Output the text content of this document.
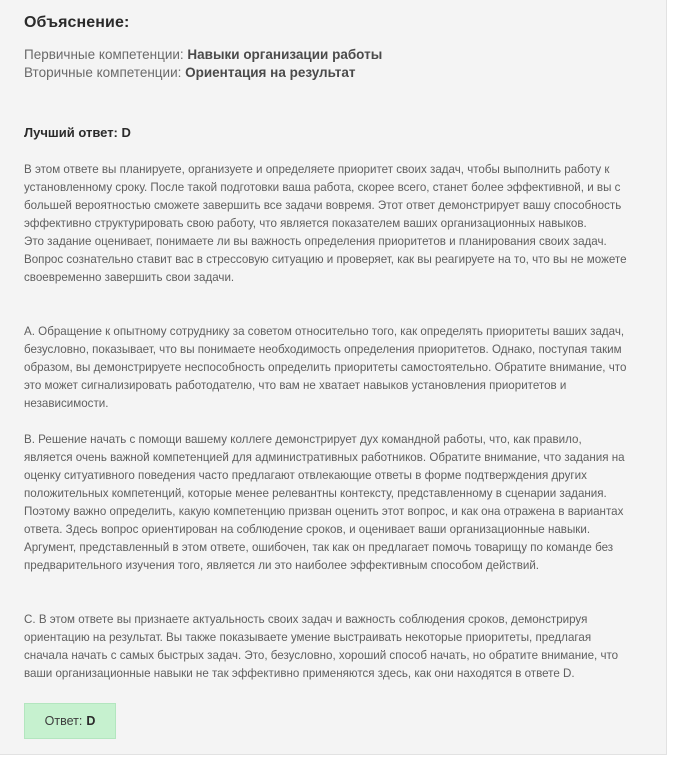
Объяснение:
Первичные компетенции: Навыки организации работы
Вторичные компетенции: Ориентация на результат
Лучший ответ: D

В этом ответе вы планируете, организуете и определяете приоритет своих задач, чтобы выполнить работу к установленному сроку. После такой подготовки ваша работа, скорее всего, станет более эффективной, и вы с большей вероятностью сможете завершить все задачи вовремя. Этот ответ демонстрирует вашу способность эффективно структурировать свою работу, что является показателем ваших организационных навыков.
Это задание оценивает, понимаете ли вы важность определения приоритетов и планирования своих задач. Вопрос сознательно ставит вас в стрессовую ситуацию и проверяет, как вы реагируете на то, что вы не можете своевременно завершить свои задачи.

A. Обращение к опытному сотруднику за советом относительно того, как определять приоритеты ваших задач, безусловно, показывает, что вы понимаете необходимость определения приоритетов. Однако, поступая таким образом, вы демонстрируете неспособность определить приоритеты самостоятельно. Обратите внимание, что это может сигнализировать работодателю, что вам не хватает навыков установления приоритетов и независимости.

B. Решение начать с помощи вашему коллеге демонстрирует дух командной работы, что, как правило, является очень важной компетенцией для административных работников. Обратите внимание, что задания на оценку ситуативного поведения часто предлагают отвлекающие ответы в форме подтверждения других положительных компетенций, которые менее релевантны контексту, представленному в сценарии задания. Поэтому важно определить, какую компетенцию призван оценить этот вопрос, и как она отражена в вариантах ответа. Здесь вопрос ориентирован на соблюдение сроков, и оценивает ваши организационные навыки. Аргумент, представленный в этом ответе, ошибочен, так как он предлагает помочь товарищу по команде без предварительного изучения того, является ли это наиболее эффективным способом действий.

C. В этом ответе вы признаете актуальность своих задач и важность соблюдения сроков, демонстрируя ориентацию на результат. Вы также показываете умение выстраивать некоторые приоритеты, предлагая сначала начать с самых быстрых задач. Это, безусловно, хороший способ начать, но обратите внимание, что ваши организационные навыки не так эффективно применяются здесь, как они находятся в ответе D.

Ответ: D
